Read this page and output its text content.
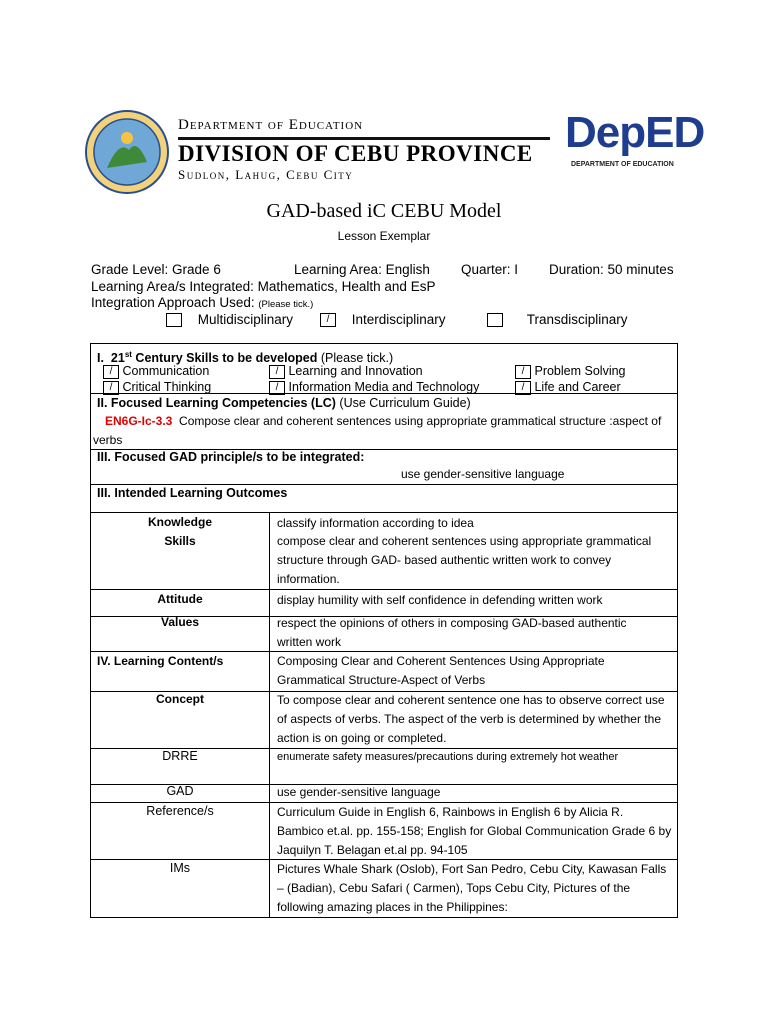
Department of Education
DIVISION OF CEBU PROVINCE
Sudlon, Lahug, Cebu City
DepED
DEPARTMENT OF EDUCATION
GAD-based iC CEBU Model
Lesson Exemplar
Grade Level: Grade 6	Learning Area: English Quarter: I Duration: 50 minutes
Learning Area/s Integrated: Mathematics, Health and EsP
Integration Approach Used: (Please tick.)
Multidisciplinary	/ Interdisciplinary	Transdisciplinary
I. 21st Century Skills to be developed (Please tick.)
/ Communication	/ Learning and Innovation	/ Problem Solving
/ Critical Thinking	/ Information Media and Technology	/ Life and Career
II. Focused Learning Competencies (LC) (Use Curriculum Guide)
EN6G-Ic-3.3 Compose clear and coherent sentences using appropriate grammatical structure :aspect of verbs
III. Focused GAD principle/s to be integrated:
use gender-sensitive language
III. Intended Learning Outcomes
Knowledge	classify information according to idea
Skills	compose clear and coherent sentences using appropriate grammatical structure through GAD- based authentic written work to convey information.
Attitude	display humility with self confidence in defending written work
Values	respect the opinions of others in composing GAD-based authentic written work
IV. Learning Content/s	Composing Clear and Coherent Sentences Using Appropriate Grammatical Structure-Aspect of Verbs
Concept	To compose clear and coherent sentence one has to observe correct use of aspects of verbs. The aspect of the verb is determined by whether the action is on going or completed.
DRRE	enumerate safety measures/precautions during extremely hot weather
GAD	use gender-sensitive language
Reference/s	Curriculum Guide in English 6, Rainbows in English 6 by Alicia R. Bambico et.al. pp. 155-158; English for Global Communication Grade 6 by Jaquilyn T. Belagan et.al pp. 94-105
IMs	Pictures Whale Shark (Oslob), Fort San Pedro, Cebu City, Kawasan Falls – (Badian), Cebu Safari ( Carmen), Tops Cebu City, Pictures of the following amazing places in the Philippines:
